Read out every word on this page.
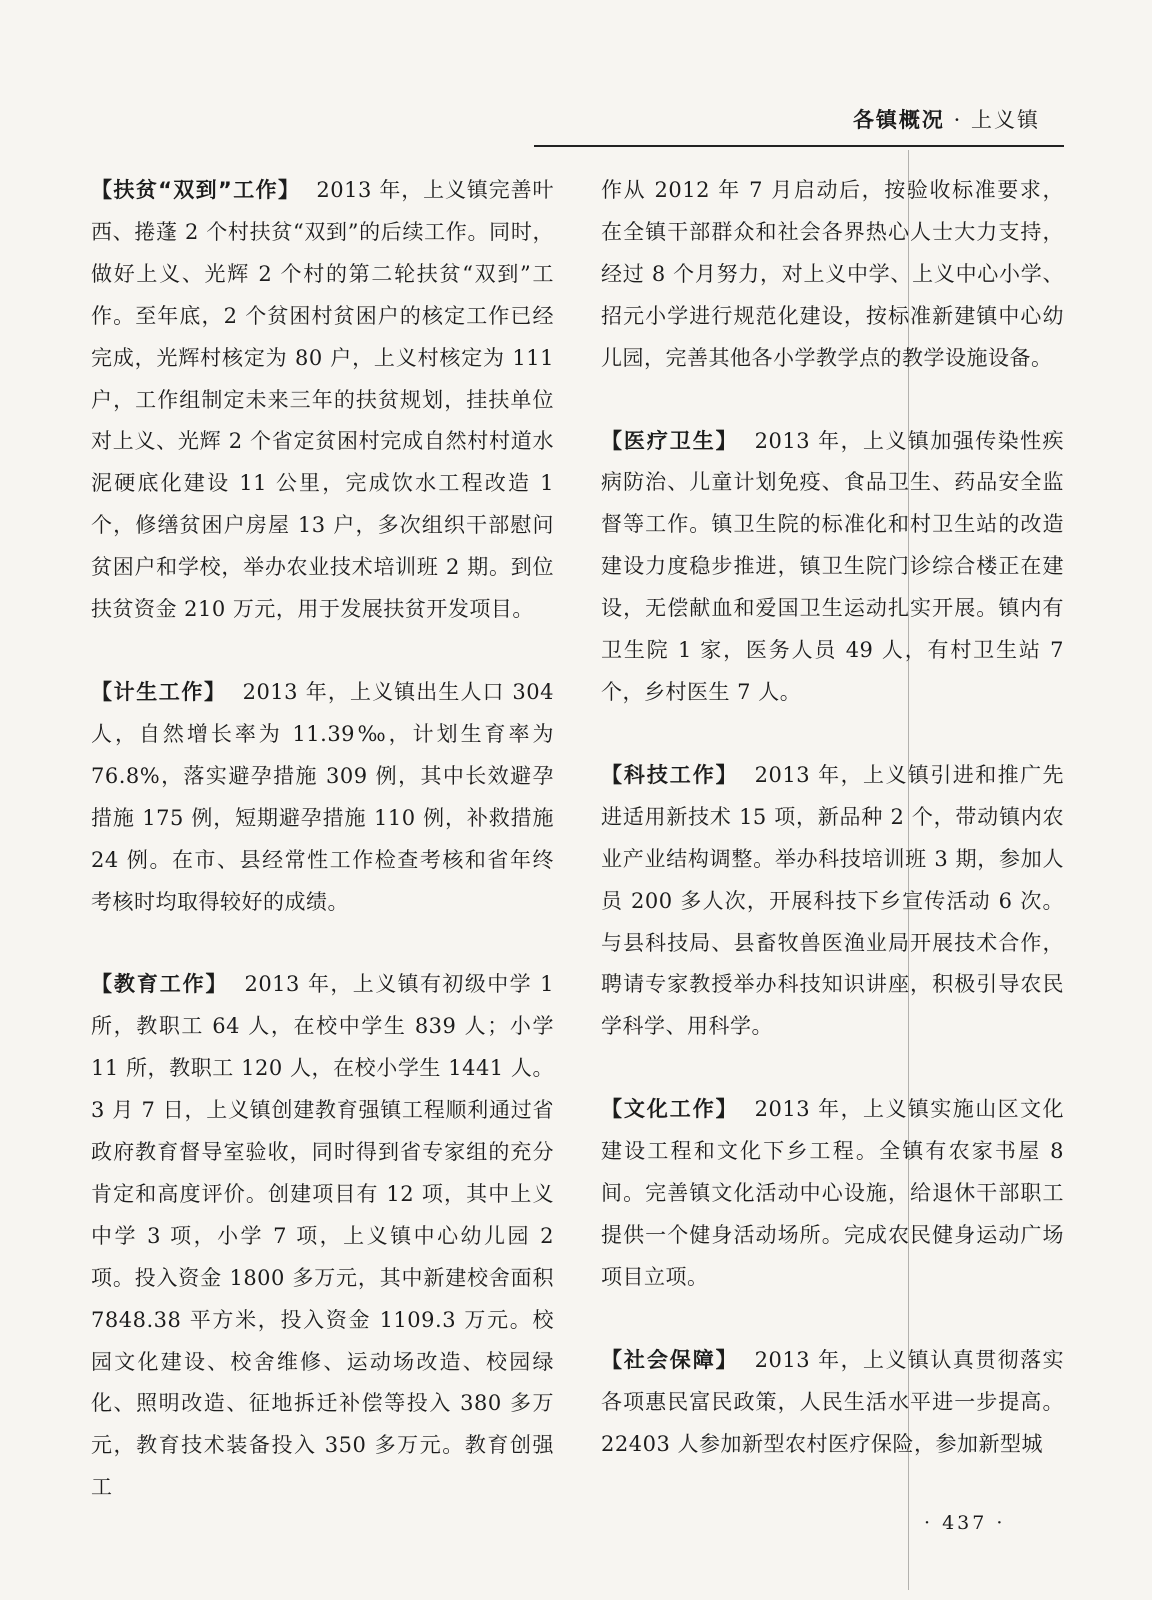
各镇概况 · 上义镇

【扶贫“双到”工作】 2013 年，上义镇完善叶西、捲蓬 2 个村扶贫“双到”的后续工作。同时，做好上义、光辉 2 个村的第二轮扶贫“双到”工作。至年底，2 个贫困村贫困户的核定工作已经完成，光辉村核定为 80 户，上义村核定为 111 户，工作组制定未来三年的扶贫规划，挂扶单位对上义、光辉 2 个省定贫困村完成自然村村道水泥硬底化建设 11 公里，完成饮水工程改造 1 个，修缮贫困户房屋 13 户，多次组织干部慰问贫困户和学校，举办农业技术培训班 2 期。到位扶贫资金 210 万元，用于发展扶贫开发项目。

【计生工作】 2013 年，上义镇出生人口 304 人，自然增长率为 11.39‰，计划生育率为 76.8%，落实避孕措施 309 例，其中长效避孕措施 175 例，短期避孕措施 110 例，补救措施 24 例。在市、县经常性工作检查考核和省年终考核时均取得较好的成绩。

【教育工作】 2013 年，上义镇有初级中学 1 所，教职工 64 人，在校中学生 839 人；小学 11 所，教职工 120 人，在校小学生 1441 人。3 月 7 日，上义镇创建教育强镇工程顺利通过省政府教育督导室验收，同时得到省专家组的充分肯定和高度评价。创建项目有 12 项，其中上义中学 3 项，小学 7 项，上义镇中心幼儿园 2 项。投入资金 1800 多万元，其中新建校舍面积 7848.38 平方米，投入资金 1109.3 万元。校园文化建设、校舍维修、运动场改造、校园绿化、照明改造、征地拆迁补偿等投入 380 多万元，教育技术装备投入 350 多万元。教育创强工

作从 2012 年 7 月启动后，按验收标准要求，在全镇干部群众和社会各界热心人士大力支持，经过 8 个月努力，对上义中学、上义中心小学、招元小学进行规范化建设，按标准新建镇中心幼儿园，完善其他各小学教学点的教学设施设备。

【医疗卫生】 2013 年，上义镇加强传染性疾病防治、儿童计划免疫、食品卫生、药品安全监督等工作。镇卫生院的标准化和村卫生站的改造建设力度稳步推进，镇卫生院门诊综合楼正在建设，无偿献血和爱国卫生运动扎实开展。镇内有卫生院 1 家，医务人员 49 人，有村卫生站 7 个，乡村医生 7 人。

【科技工作】 2013 年，上义镇引进和推广先进适用新技术 15 项，新品种 2 个，带动镇内农业产业结构调整。举办科技培训班 3 期，参加人员 200 多人次，开展科技下乡宣传活动 6 次。与县科技局、县畜牧兽医渔业局开展技术合作，聘请专家教授举办科技知识讲座，积极引导农民学科学、用科学。

【文化工作】 2013 年，上义镇实施山区文化建设工程和文化下乡工程。全镇有农家书屋 8 间。完善镇文化活动中心设施，给退休干部职工提供一个健身活动场所。完成农民健身运动广场项目立项。

【社会保障】 2013 年，上义镇认真贯彻落实各项惠民富民政策，人民生活水平进一步提高。22403 人参加新型农村医疗保险，参加新型城

· 437 ·
